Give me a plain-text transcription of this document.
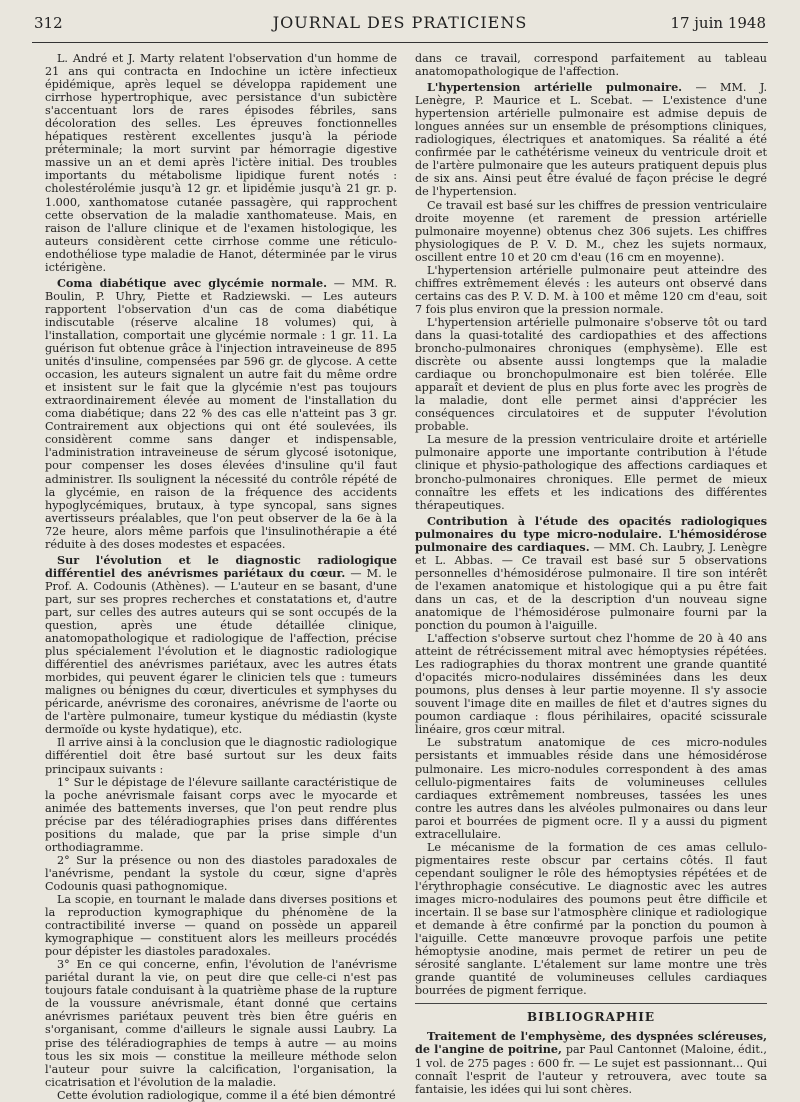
312	JOURNAL DES PRATICIENS	17 juin 1948

L. André et J. Marty relatent l'observation d'un homme de 21 ans qui contracta en Indochine un ictère infectieux épidémique, après lequel se développa rapidement une cirrhose hypertrophique, avec persistance d'un subictère s'accentuant lors de rares épisodes fébriles, sans décoloration des selles. Les épreuves fonctionnelles hépatiques restèrent excellentes jusqu'à la période préterminale; la mort survint par hémorragie digestive massive un an et demi après l'ictère initial. Des troubles importants du métabolisme lipidique furent notés : cholestérolémie jusqu'à 12 gr. et lipidémie jusqu'à 21 gr. p. 1.000, xanthomatose cutanée passagère, qui rapprochent cette observation de la maladie xanthomateuse. Mais, en raison de l'allure clinique et de l'examen histologique, les auteurs considèrent cette cirrhose comme une réticulo-endothéliose type maladie de Hanot, déterminée par le virus ictérigène.

Coma diabétique avec glycémie normale. — MM. R. Boulin, P. Uhry, Piette et Radziewski. — Les auteurs rapportent l'observation d'un cas de coma diabétique indiscutable (réserve alcaline 18 volumes) qui, à l'installation, comportait une glycémie normale : 1 gr. 11. La guérison fut obtenue grâce à l'injection intraveineuse de 895 unités d'insuline, compensées par 596 gr. de glycose. A cette occasion, les auteurs signalent un autre fait du même ordre et insistent sur le fait que la glycémie n'est pas toujours extraordinairement élevée au moment de l'installation du coma diabétique; dans 22 % des cas elle n'atteint pas 3 gr. Contrairement aux objections qui ont été soulevées, ils considèrent comme sans danger et indispensable, l'administration intraveineuse de sérum glycosé isotonique, pour compenser les doses élevées d'insuline qu'il faut administrer. Ils soulignent la nécessité du contrôle répété de la glycémie, en raison de la fréquence des accidents hypoglycémiques, brutaux, à type syncopal, sans signes avertisseurs préalables, que l'on peut observer de la 6e à la 72e heure, alors même parfois que l'insulinothérapie a été réduite à des doses modestes et espacées.

Sur l'évolution et le diagnostic radiologique différentiel des anévrismes pariétaux du cœur. — M. le Prof. A. Codounis (Athènes). — L'auteur en se basant, d'une part, sur ses propres recherches et constatations et, d'autre part, sur celles des autres auteurs qui se sont occupés de la question, après une étude détaillée clinique, anatomopathologique et radiologique de l'affection, précise plus spécialement l'évolution et le diagnostic radiologique différentiel des anévrismes pariétaux, avec les autres états morbides, qui peuvent égarer le clinicien tels que : tumeurs malignes ou bénignes du cœur, diverticules et symphyses du péricarde, anévrisme des coronaires, anévrisme de l'aorte ou de l'artère pulmonaire, tumeur kystique du médiastin (kyste dermoïde ou kyste hydatique), etc.

Il arrive ainsi à la conclusion que le diagnostic radiologique différentiel doit être basé surtout sur les deux faits principaux suivants :

1° Sur le dépistage de l'élevure saillante caractéristique de la poche anévrismale faisant corps avec le myocarde et animée des battements inverses, que l'on peut rendre plus précise par des téléradiographies prises dans différentes positions du malade, que par la prise simple d'un orthodiagramme.

2° Sur la présence ou non des diastoles paradoxales de l'anévrisme, pendant la systole du cœur, signe d'après Codounis quasi pathognomique.

La scopie, en tournant le malade dans diverses positions et la reproduction kymographique du phénomène de la contractibilité inverse — quand on possède un appareil kymographique — constituent alors les meilleurs procédés pour dépister les diastoles paradoxales.

3° En ce qui concerne, enfin, l'évolution de l'anévrisme pariétal durant la vie, on peut dire que celle-ci n'est pas toujours fatale conduisant à la quatrième phase de la rupture de la voussure anévrismale, étant donné que certains anévrismes pariétaux peuvent très bien être guéris en s'organisant, comme d'ailleurs le signale aussi Laubry. La prise des téléradiographies de temps à autre — au moins tous les six mois — constitue la meilleure méthode selon l'auteur pour suivre la calcification, l'organisation, la cicatrisation et l'évolution de la maladie.

Cette évolution radiologique, comme il a été bien démontré

dans ce travail, correspond parfaitement au tableau anatomopathologique de l'affection.

L'hypertension artérielle pulmonaire. — MM. J. Lenègre, P. Maurice et L. Scebat. — L'existence d'une hypertension artérielle pulmonaire est admise depuis de longues années sur un ensemble de présomptions cliniques, radiologiques, électriques et anatomiques. Sa réalité a été confirmée par le cathétérisme veineux du ventricule droit et de l'artère pulmonaire que les auteurs pratiquent depuis plus de six ans. Ainsi peut être évalué de façon précise le degré de l'hypertension.

Ce travail est basé sur les chiffres de pression ventriculaire droite moyenne (et rarement de pression artérielle pulmonaire moyenne) obtenus chez 306 sujets. Les chiffres physiologiques de P. V. D. M., chez les sujets normaux, oscillent entre 10 et 20 cm d'eau (16 cm en moyenne).

L'hypertension artérielle pulmonaire peut atteindre des chiffres extrêmement élevés : les auteurs ont observé dans certains cas des P. V. D. M. à 100 et même 120 cm d'eau, soit 7 fois plus environ que la pression normale.

L'hypertension artérielle pulmonaire s'observe tôt ou tard dans la quasi-totalité des cardiopathies et des affections broncho-pulmonaires chroniques (emphysème). Elle est discrète ou absente aussi longtemps que la maladie cardiaque ou bronchopulmonaire est bien tolérée. Elle apparaît et devient de plus en plus forte avec les progrès de la maladie, dont elle permet ainsi d'apprécier les conséquences circulatoires et de supputer l'évolution probable.

La mesure de la pression ventriculaire droite et artérielle pulmonaire apporte une importante contribution à l'étude clinique et physio-pathologique des affections cardiaques et broncho-pulmonaires chroniques. Elle permet de mieux connaître les effets et les indications des différentes thérapeutiques.

Contribution à l'étude des opacités radiologiques pulmonaires du type micro-nodulaire. L'hémosidérose pulmonaire des cardiaques. — MM. Ch. Laubry, J. Lenègre et L. Abbas. — Ce travail est basé sur 5 observations personnelles d'hémosidérose pulmonaire. Il tire son intérêt de l'examen anatomique et histologique qui a pu être fait dans un cas, et de la description d'un nouveau signe anatomique de l'hémosidérose pulmonaire fourni par la ponction du poumon à l'aiguille.

L'affection s'observe surtout chez l'homme de 20 à 40 ans atteint de rétrécissement mitral avec hémoptysies répétées. Les radiographies du thorax montrent une grande quantité d'opacités micro-nodulaires disséminées dans les deux poumons, plus denses à leur partie moyenne. Il s'y associe souvent l'image dite en mailles de filet et d'autres signes du poumon cardiaque : flous périhilaires, opacité scissurale linéaire, gros cœur mitral.

Le substratum anatomique de ces micro-nodules persistants et immuables réside dans une hémosidérose pulmonaire. Les micro-nodules correspondent à des amas cellulo-pigmentaires faits de volumineuses cellules cardiaques extrêmement nombreuses, tassées les unes contre les autres dans les alvéoles pulmonaires ou dans leur paroi et bourrées de pigment ocre. Il y a aussi du pigment extracellulaire.

Le mécanisme de la formation de ces amas cellulo-pigmentaires reste obscur par certains côtés. Il faut cependant souligner le rôle des hémoptysies répétées et de l'érythrophagie consécutive. Le diagnostic avec les autres images micro-nodulaires des poumons peut être difficile et incertain. Il se base sur l'atmosphère clinique et radiologique et demande à être confirmé par la ponction du poumon à l'aiguille. Cette manœuvre provoque parfois une petite hémoptysie anodine, mais permet de retirer un peu de sérosité sanglante. L'étalement sur lame montre une très grande quantité de volumineuses cellules cardiaques bourrées de pigment ferrique.

BIBLIOGRAPHIE

Traitement de l'emphysème, des dyspnées scléreuses, de l'angine de poitrine, par Paul Cantonnet (Maloine, édit., 1 vol. de 275 pages : 600 fr. — Le sujet est passionnant... Qui connaît l'esprit de l'auteur y retrouvera, avec toute sa fantaisie, les idées qui lui sont chères.
